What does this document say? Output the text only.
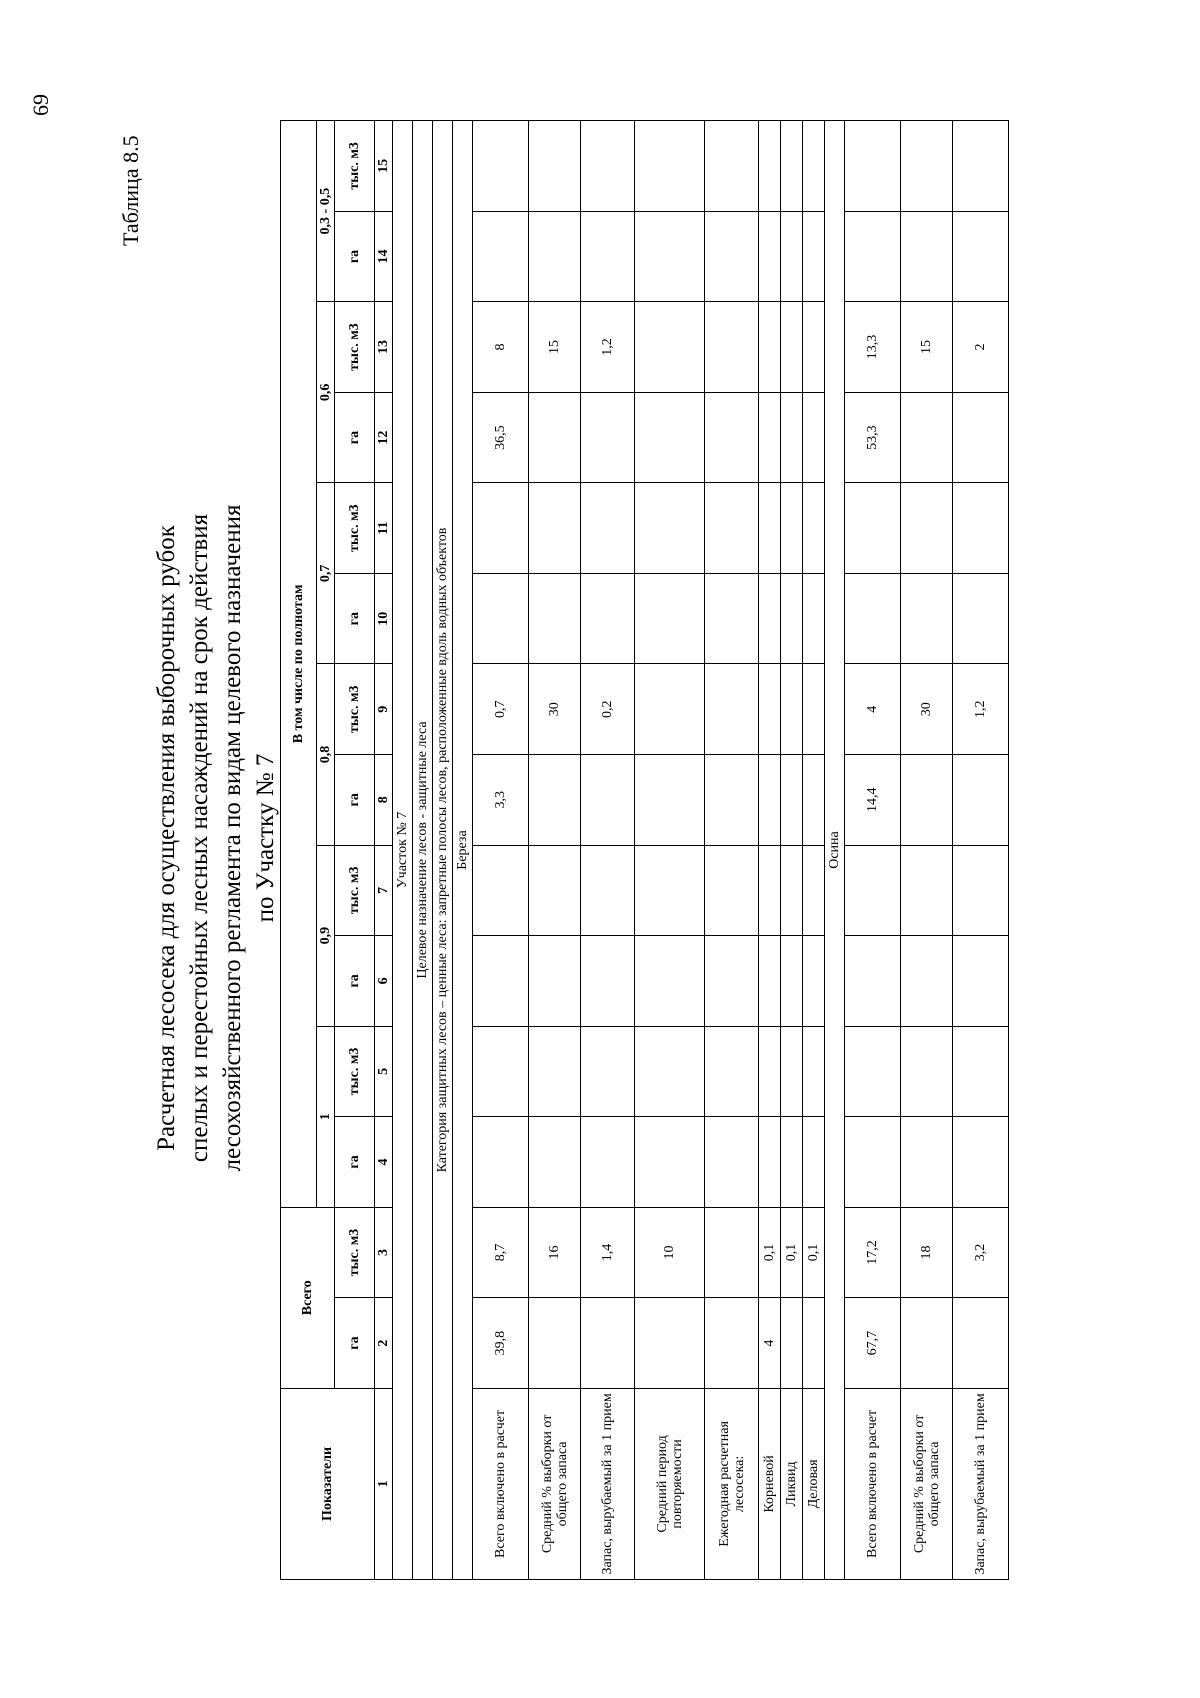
69
Таблица 8.5
Расчетная лесосека для осуществления выборочных рубок спелых и перестойных лесных насаждений на срок действия лесохозяйственного регламента по видам целевого назначения по Участку № 7
Показатели	Всего		В том числе по полнотам											
			1		0,9		0,8		0,7		0,6		0,3 - 0,5	
	га	тыс. м3	га	тыс. м3	га	тыс. м3	га	тыс. м3	га	тыс. м3	га	тыс. м3	га	тыс. м3
1	2	3	4	5	6	7	8	9	10	11	12	13	14	15
Участок № 7														
Целевое назначение лесов - защитные леса														
Категория защитных лесов – ценные леса: запретные полосы лесов, расположенные вдоль водных объектов														
Береза														
Всего включено в расчет	39,8	8,7					3,3	0,7			36,5	8		
Средний % выборки от общего запаса		16						30				15		
Запас, вырубаемый за 1 прием		1,4						0,2				1,2		
Средний период повторяемости		10												
Ежегодная расчетная лесосека:														
Корневой	4	0,1												
Ликвид		0,1												
Деловая		0,1												
Осина														
Всего включено в расчет	67,7	17,2					14,4	4			53,3	13,3		
Средний % выборки от общего запаса		18						30				15		
Запас, вырубаемый за 1 прием		3,2						1,2				2		
